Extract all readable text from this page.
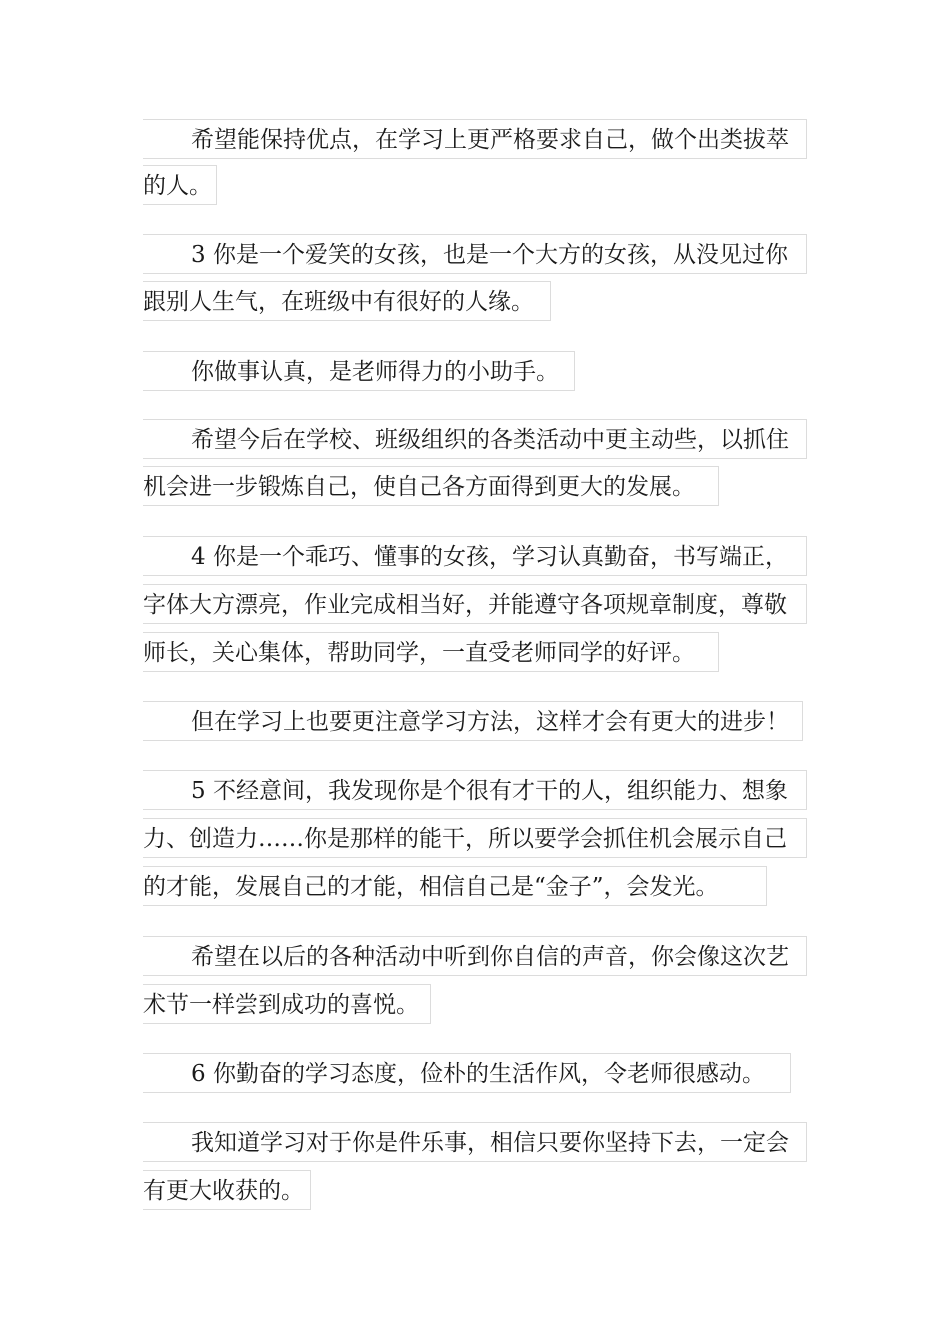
希望能保持优点，在学习上更严格要求自己，做个出类拔萃
的人。
3 你是一个爱笑的女孩，也是一个大方的女孩，从没见过你
跟别人生气，在班级中有很好的人缘。
你做事认真，是老师得力的小助手。
希望今后在学校、班级组织的各类活动中更主动些，以抓住
机会进一步锻炼自己，使自己各方面得到更大的发展。
4 你是一个乖巧、懂事的女孩，学习认真勤奋，书写端正，
字体大方漂亮，作业完成相当好，并能遵守各项规章制度，尊敬
师长，关心集体，帮助同学，一直受老师同学的好评。
但在学习上也要更注意学习方法，这样才会有更大的进步！
5 不经意间，我发现你是个很有才干的人，组织能力、想象
力、创造力……你是那样的能干，所以要学会抓住机会展示自己
的才能，发展自己的才能，相信自己是“金子”，会发光。
希望在以后的各种活动中听到你自信的声音，你会像这次艺
术节一样尝到成功的喜悦。
6 你勤奋的学习态度，俭朴的生活作风，令老师很感动。
我知道学习对于你是件乐事，相信只要你坚持下去，一定会
有更大收获的。
